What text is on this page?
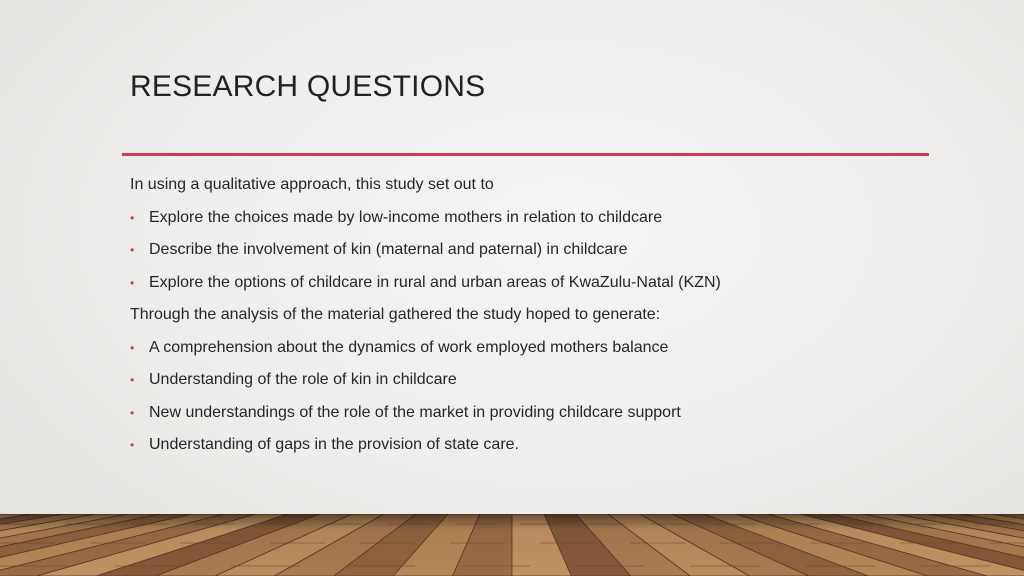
RESEARCH QUESTIONS
In using a qualitative approach, this study set out to
• Explore the choices made by low-income mothers in relation to childcare
• Describe the involvement of kin (maternal and paternal) in childcare
• Explore the options of childcare in rural and urban areas of KwaZulu-Natal (KZN)
Through the analysis of the material gathered the study hoped to generate:
• A comprehension about the dynamics of work employed mothers balance
• Understanding of the role of kin in childcare
• New understandings of the role of the market in providing childcare support
• Understanding of gaps in the provision of state care.
